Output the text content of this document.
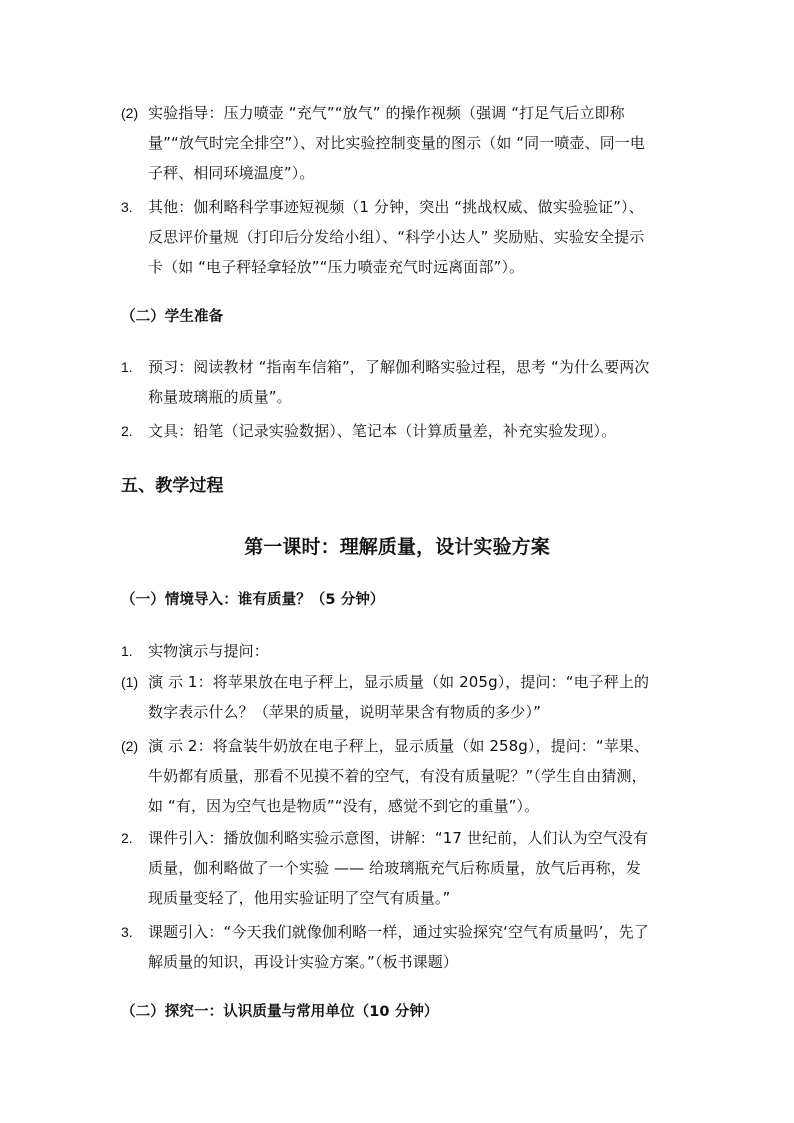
(2) 实验指导：压力喷壶 “充气”“放气” 的操作视频（强调 “打足气后立即称
量”“放气时完全排空”）、对比实验控制变量的图示（如 “同一喷壶、同一电
子秤、相同环境温度”）。
3. 其他：伽利略科学事迹短视频（1 分钟，突出 “挑战权威、做实验验证”）、
反思评价量规（打印后分发给小组）、“科学小达人” 奖励贴、实验安全提示
卡（如 “电子秤轻拿轻放”“压力喷壶充气时远离面部”）。
（二）学生准备
1. 预习：阅读教材 “指南车信箱”，了解伽利略实验过程，思考 “为什么要两次
称量玻璃瓶的质量”。
2. 文具：铅笔（记录实验数据）、笔记本（计算质量差，补充实验发现）。
五、教学过程
第一课时：理解质量，设计实验方案
（一）情境导入：谁有质量？（5 分钟）
1. 实物演示与提问：
(1) 演 示 1：将苹果放在电子秤上，显示质量（如 205g），提问：“电子秤上的
数字表示什么？（苹果的质量，说明苹果含有物质的多少）”
(2) 演 示 2：将盒装牛奶放在电子秤上，显示质量（如 258g），提问：“苹果、
牛奶都有质量，那看不见摸不着的空气，有没有质量呢？”（学生自由猜测，
如 “有，因为空气也是物质”“没有，感觉不到它的重量”）。
2. 课件引入：播放伽利略实验示意图，讲解：“17 世纪前，人们认为空气没有
质量，伽利略做了一个实验 —— 给玻璃瓶充气后称质量，放气后再称，发
现质量变轻了，他用实验证明了空气有质量。”
3. 课题引入：“今天我们就像伽利略一样，通过实验探究‘空气有质量吗’，先了
解质量的知识，再设计实验方案。”（板书课题）
（二）探究一：认识质量与常用单位（10 分钟）
